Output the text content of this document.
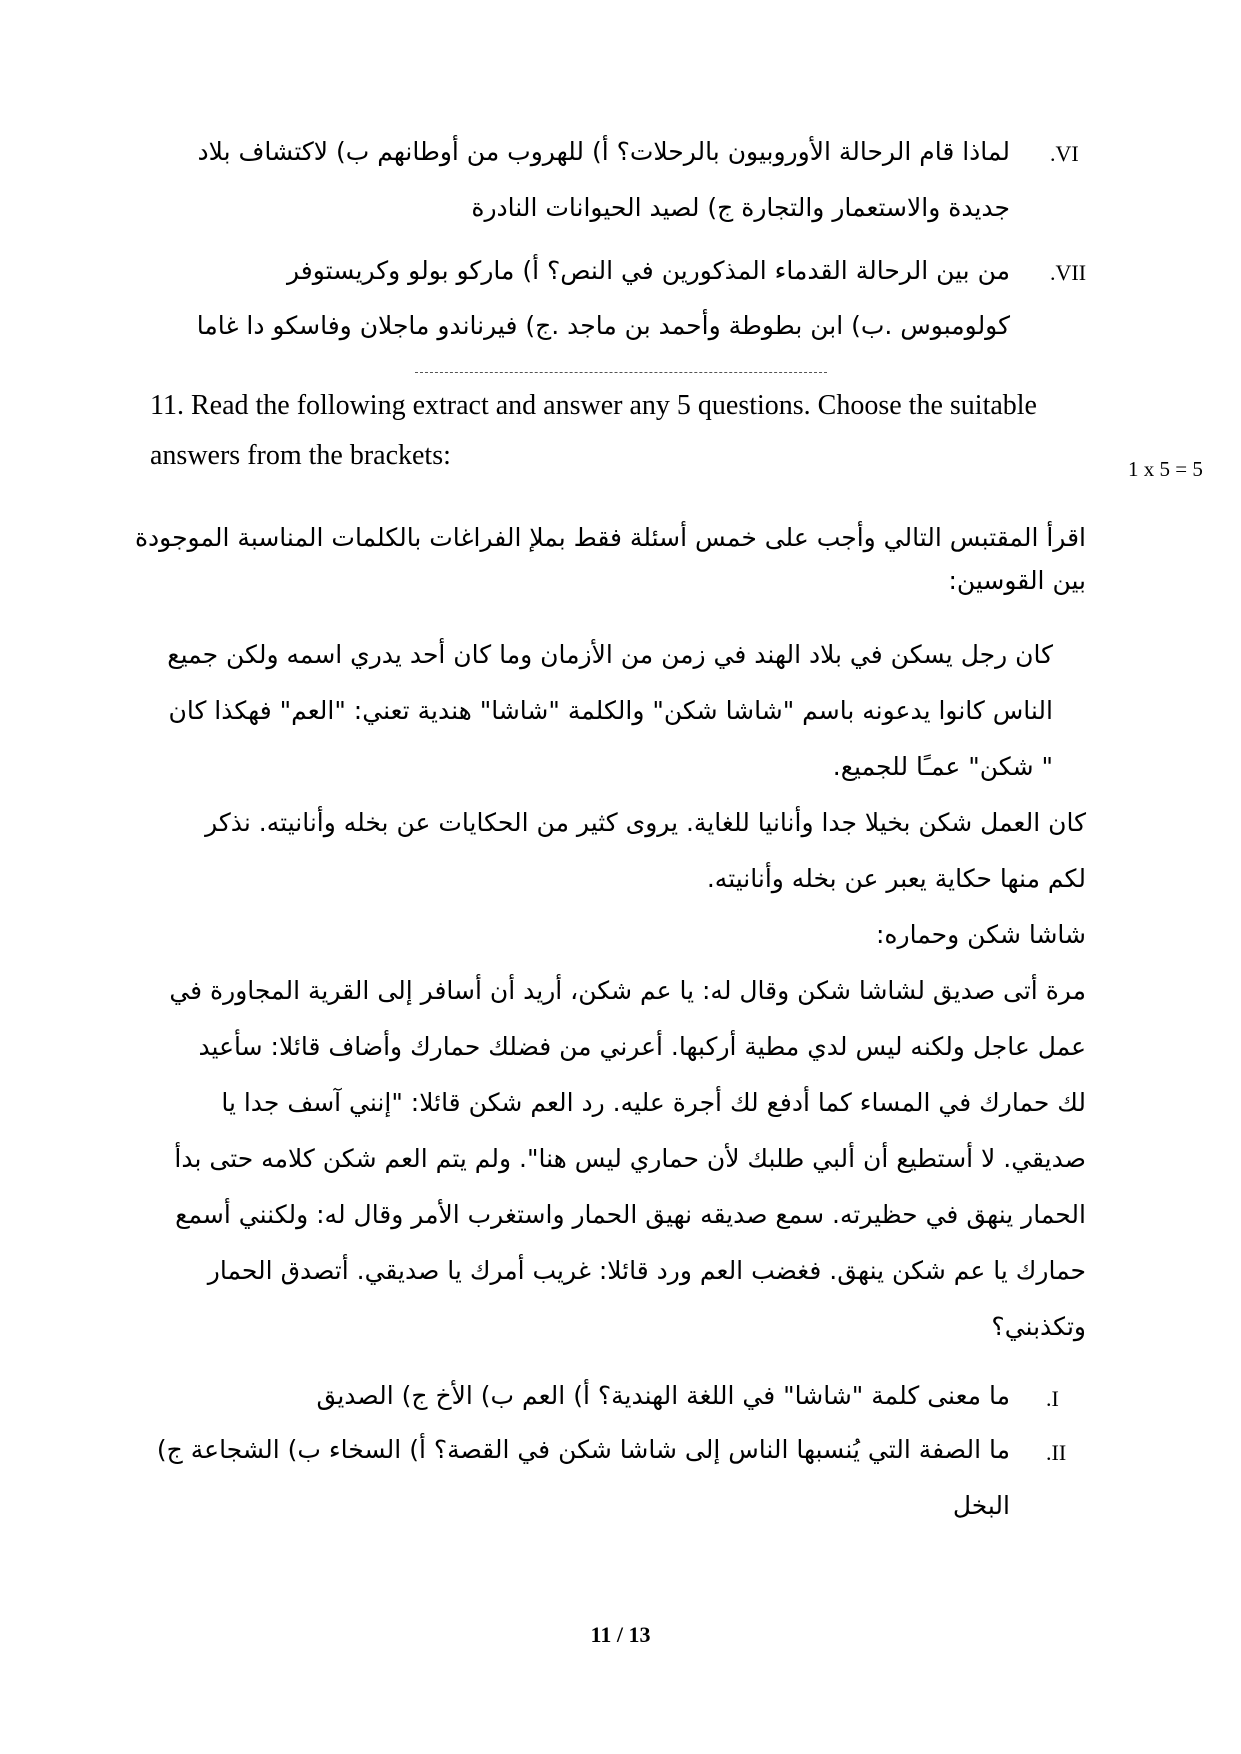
.VI
لماذا قام الرحالة الأوروبيون بالرحلات؟ أ) للهروب من أوطانهم ب) لاكتشاف بلاد
جديدة والاستعمار والتجارة ج) لصيد الحيوانات النادرة
.VII
من بين الرحالة القدماء المذكورين في النص؟ أ) ماركو بولو وكريستوفر
كولومبوس .ب) ابن بطوطة وأحمد بن ماجد .ج) فيرناندو ماجلان وفاسكو دا غاما
11. Read the following extract and answer any 5 questions. Choose the suitable
answers from the brackets:	1 x 5 = 5
اقرأ المقتبس التالي وأجب على خمس أسئلة فقط بملإ الفراغات بالكلمات المناسبة الموجودة
بين القوسين:
كان رجل يسكن في بلاد الهند في زمن من الأزمان وما كان أحد يدري اسمه ولكن جميع
الناس كانوا يدعونه باسم "شاشا شكن" والكلمة "شاشا" هندية تعني: "العم" فهكذا كان
" شكن" عمـًا للجميع.
كان العمل شكن بخيلا جدا وأنانيا للغاية. يروى كثير من الحكايات عن بخله وأنانيته. نذكر
لكم منها حكاية يعبر عن بخله وأنانيته.
شاشا شكن وحماره:
مرة أتى صديق لشاشا شكن وقال له: يا عم شكن، أريد أن أسافر إلى القرية المجاورة في
عمل عاجل ولكنه ليس لدي مطية أركبها. أعرني من فضلك حمارك وأضاف قائلا: سأعيد
لك حمارك في المساء كما أدفع لك أجرة عليه. رد العم شكن قائلا: "إنني آسف جدا يا
صديقي. لا أستطيع أن ألبي طلبك لأن حماري ليس هنا". ولم يتم العم شكن كلامه حتى بدأ
الحمار ينهق في حظيرته. سمع صديقه نهيق الحمار واستغرب الأمر وقال له: ولكنني أسمع
حمارك يا عم شكن ينهق. فغضب العم ورد قائلا: غريب أمرك يا صديقي. أتصدق الحمار
وتكذبني؟
.I
ما معنى كلمة "شاشا" في اللغة الهندية؟ أ) العم ب) الأخ ج) الصديق
.II
ما الصفة التي يُنسبها الناس إلى شاشا شكن في القصة؟ أ) السخاء ب) الشجاعة ج)
البخل
11 / 13
